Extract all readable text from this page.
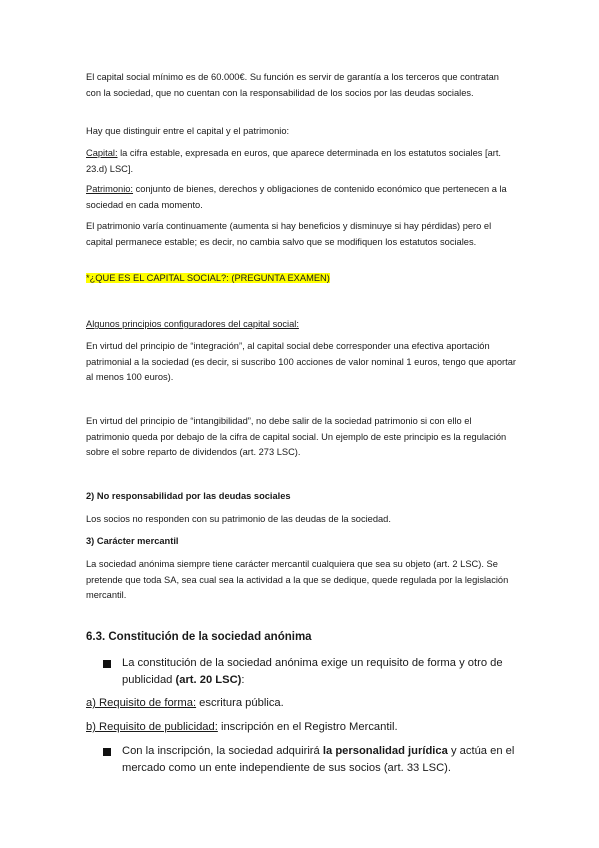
El capital social mínimo es de 60.000€. Su función es servir de garantía a los terceros que contratan con la sociedad, que no cuentan con la responsabilidad de los socios por las deudas sociales.

Hay que distinguir entre el capital y el patrimonio:

Capital: la cifra estable, expresada en euros, que aparece determinada en los estatutos sociales [art. 23.d) LSC].

Patrimonio: conjunto de bienes, derechos y obligaciones de contenido económico que pertenecen a la sociedad en cada momento.

El patrimonio varía continuamente (aumenta si hay beneficios y disminuye si hay pérdidas) pero el capital permanece estable; es decir, no cambia salvo que se modifiquen los estatutos sociales.

*¿QUE ES EL CAPITAL SOCIAL?: (PREGUNTA EXAMEN)

Algunos principios configuradores del capital social:

En virtud del principio de “integración”, al capital social debe corresponder una efectiva aportación patrimonial a la sociedad (es decir, si suscribo 100 acciones de valor nominal 1 euros, tengo que aportar al menos 100 euros).

En virtud del principio de “intangibilidad”, no debe salir de la sociedad patrimonio si con ello el patrimonio queda por debajo de la cifra de capital social. Un ejemplo de este principio es la regulación sobre el sobre reparto de dividendos (art. 273 LSC).

2) No responsabilidad por las deudas sociales

Los socios no responden con su patrimonio de las deudas de la sociedad.

3) Carácter mercantil

La sociedad anónima siempre tiene carácter mercantil cualquiera que sea su objeto (art. 2 LSC). Se pretende que toda SA, sea cual sea la actividad a la que se dedique, quede regulada por la legislación mercantil.

6.3. Constitución de la sociedad anónima

La constitución de la sociedad anónima exige un requisito de forma y otro de publicidad (art. 20 LSC):

a) Requisito de forma: escritura pública.

b) Requisito de publicidad: inscripción en el Registro Mercantil.

Con la inscripción, la sociedad adquirirá la personalidad jurídica y actúa en el mercado como un ente independiente de sus socios (art. 33 LSC).
